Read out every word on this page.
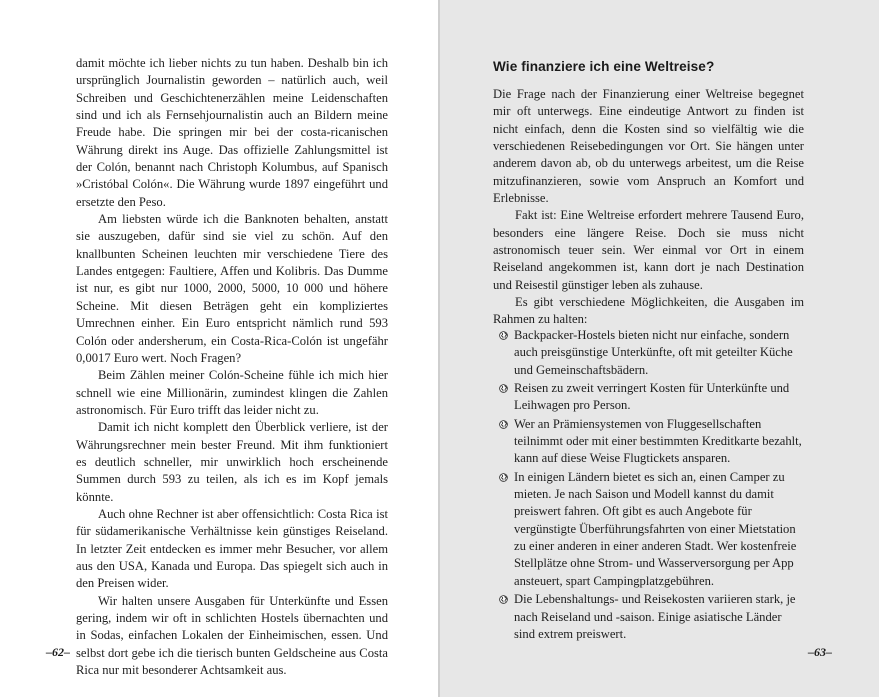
damit möchte ich lieber nichts zu tun haben. Deshalb bin ich ursprünglich Journalistin geworden – natürlich auch, weil Schreiben und Geschichtenerzählen meine Leidenschaften sind und ich als Fernsehjournalistin auch an Bildern meine Freude habe. Die springen mir bei der costa-ricanischen Währung direkt ins Auge. Das offizielle Zahlungsmittel ist der Colón, benannt nach Christoph Kolumbus, auf Spanisch »Cristóbal Colón«. Die Währung wurde 1897 eingeführt und ersetzte den Peso.

Am liebsten würde ich die Banknoten behalten, anstatt sie auszugeben, dafür sind sie viel zu schön. Auf den knallbunten Scheinen leuchten mir verschiedene Tiere des Landes entgegen: Faultiere, Affen und Kolibris. Das Dumme ist nur, es gibt nur 1000, 2000, 5000, 10 000 und höhere Scheine. Mit diesen Beträgen geht ein kompliziertes Umrechnen einher. Ein Euro entspricht nämlich rund 593 Colón oder andersherum, ein Costa-Rica-Colón ist ungefähr 0,0017 Euro wert. Noch Fragen?

Beim Zählen meiner Colón-Scheine fühle ich mich hier schnell wie eine Millionärin, zumindest klingen die Zahlen astronomisch. Für Euro trifft das leider nicht zu.

Damit ich nicht komplett den Überblick verliere, ist der Währungsrechner mein bester Freund. Mit ihm funktioniert es deutlich schneller, mir unwirklich hoch erscheinende Summen durch 593 zu teilen, als ich es im Kopf jemals könnte.

Auch ohne Rechner ist aber offensichtlich: Costa Rica ist für südamerikanische Verhältnisse kein günstiges Reiseland. In letzter Zeit entdecken es immer mehr Besucher, vor allem aus den USA, Kanada und Europa. Das spiegelt sich auch in den Preisen wider.

Wir halten unsere Ausgaben für Unterkünfte und Essen gering, indem wir oft in schlichten Hostels übernachten und in Sodas, einfachen Lokalen der Einheimischen, essen. Und selbst dort gebe ich die tierisch bunten Geldscheine aus Costa Rica nur mit besonderer Achtsamkeit aus.

–62–
Wie finanziere ich eine Weltreise?

Die Frage nach der Finanzierung einer Weltreise begegnet mir oft unterwegs. Eine eindeutige Antwort zu finden ist nicht einfach, denn die Kosten sind so vielfältig wie die verschiedenen Reisebedingungen vor Ort. Sie hängen unter anderem davon ab, ob du unterwegs arbeitest, um die Reise mitzufinanzieren, sowie vom Anspruch an Komfort und Erlebnisse.

Fakt ist: Eine Weltreise erfordert mehrere Tausend Euro, besonders eine längere Reise. Doch sie muss nicht astronomisch teuer sein. Wer einmal vor Ort in einem Reiseland angekommen ist, kann dort je nach Destination und Reisestil günstiger leben als zuhause.

Es gibt verschiedene Möglichkeiten, die Ausgaben im Rahmen zu halten:

Backpacker-Hostels bieten nicht nur einfache, sondern auch preisgünstige Unterkünfte, oft mit geteilter Küche und Gemeinschaftsbädern.
Reisen zu zweit verringert Kosten für Unterkünfte und Leihwagen pro Person.
Wer an Prämiensystemen von Fluggesellschaften teilnimmt oder mit einer bestimmten Kreditkarte bezahlt, kann auf diese Weise Flugtickets ansparen.
In einigen Ländern bietet es sich an, einen Camper zu mieten. Je nach Saison und Modell kannst du damit preiswert fahren. Oft gibt es auch Angebote für vergünstigte Überführungsfahrten von einer Mietstation zu einer anderen in einer anderen Stadt. Wer kostenfreie Stellplätze ohne Strom- und Wasserversorgung per App ansteuert, spart Campingplatzgebühren.
Die Lebenshaltungs- und Reisekosten variieren stark, je nach Reiseland und -saison. Einige asiatische Länder sind extrem preiswert.
–63–
